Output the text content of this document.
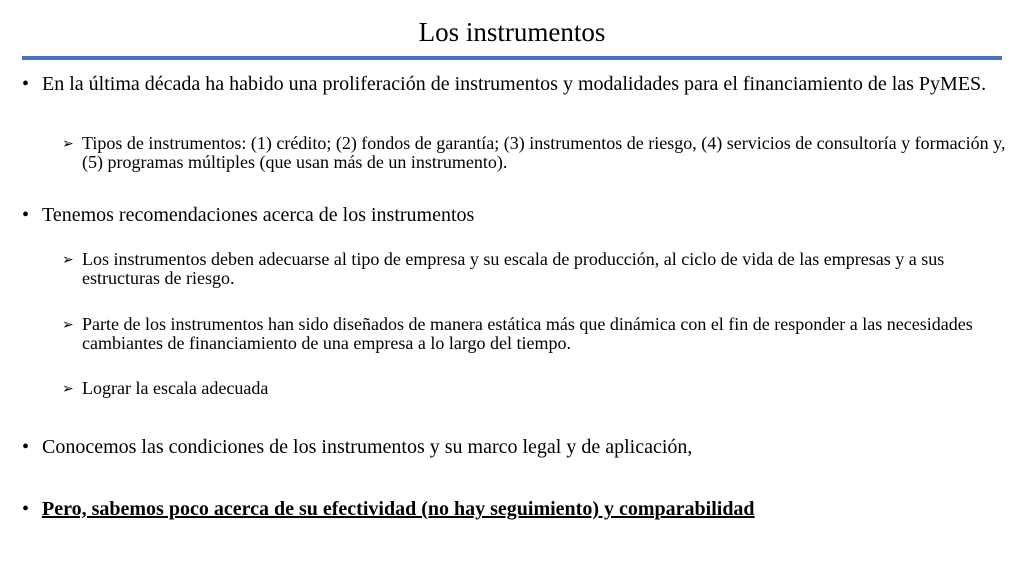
Los instrumentos
• En la última década ha habido una proliferación de instrumentos y modalidades para el financiamiento de las PyMES.
➢ Tipos de instrumentos: (1) crédito; (2) fondos de garantía; (3) instrumentos de riesgo, (4) servicios de consultoría y formación y, (5) programas múltiples (que usan más de un instrumento).
• Tenemos recomendaciones acerca de los instrumentos
➢ Los instrumentos deben adecuarse al tipo de empresa y su escala de producción, al ciclo de vida de las empresas y a sus estructuras de riesgo.
➢ Parte de los instrumentos han sido diseñados de manera estática más que dinámica con el fin de responder a las necesidades cambiantes de financiamiento de una empresa a lo largo del tiempo.
➢ Lograr la escala adecuada
• Conocemos las condiciones de los instrumentos y su marco legal y de aplicación,
• Pero, sabemos poco acerca de su efectividad (no hay seguimiento) y comparabilidad
